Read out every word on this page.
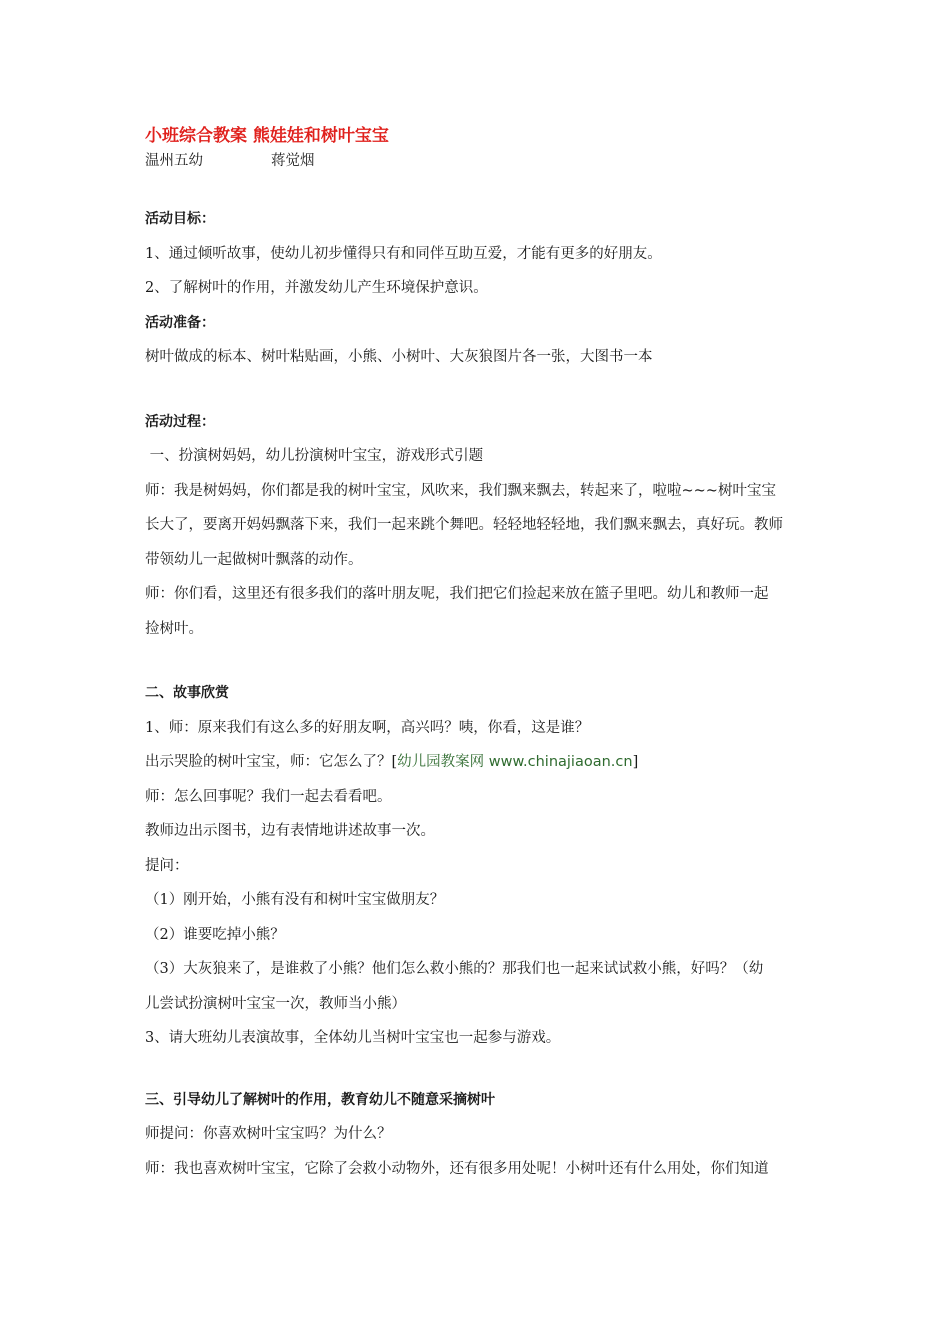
小班综合教案 熊娃娃和树叶宝宝
温州五幼	蒋觉烟
活动目标：
1、通过倾听故事，使幼儿初步懂得只有和同伴互助互爱，才能有更多的好朋友。
2、了解树叶的作用，并激发幼儿产生环境保护意识。
活动准备：
树叶做成的标本、树叶粘贴画，小熊、小树叶、大灰狼图片各一张，大图书一本
活动过程：
一、扮演树妈妈，幼儿扮演树叶宝宝，游戏形式引题
师：我是树妈妈，你们都是我的树叶宝宝，风吹来，我们飘来飘去，转起来了，啦啦~~~树叶宝宝
长大了，要离开妈妈飘落下来，我们一起来跳个舞吧。轻轻地轻轻地，我们飘来飘去，真好玩。教师
带领幼儿一起做树叶飘落的动作。
师：你们看，这里还有很多我们的落叶朋友呢，我们把它们捡起来放在篮子里吧。幼儿和教师一起
捡树叶。
二、故事欣赏
1、师：原来我们有这么多的好朋友啊，高兴吗？咦，你看，这是谁？
出示哭脸的树叶宝宝，师：它怎么了？[幼儿园教案网 www.chinajiaoan.cn]
师：怎么回事呢？我们一起去看看吧。
教师边出示图书，边有表情地讲述故事一次。
提问：
（1）刚开始，小熊有没有和树叶宝宝做朋友？
（2）谁要吃掉小熊？
（3）大灰狼来了，是谁救了小熊？他们怎么救小熊的？那我们也一起来试试救小熊，好吗？（幼
儿尝试扮演树叶宝宝一次，教师当小熊）
3、请大班幼儿表演故事，全体幼儿当树叶宝宝也一起参与游戏。
三、引导幼儿了解树叶的作用，教育幼儿不随意采摘树叶
师提问：你喜欢树叶宝宝吗？为什么？
师：我也喜欢树叶宝宝，它除了会救小动物外，还有很多用处呢！小树叶还有什么用处，你们知道
